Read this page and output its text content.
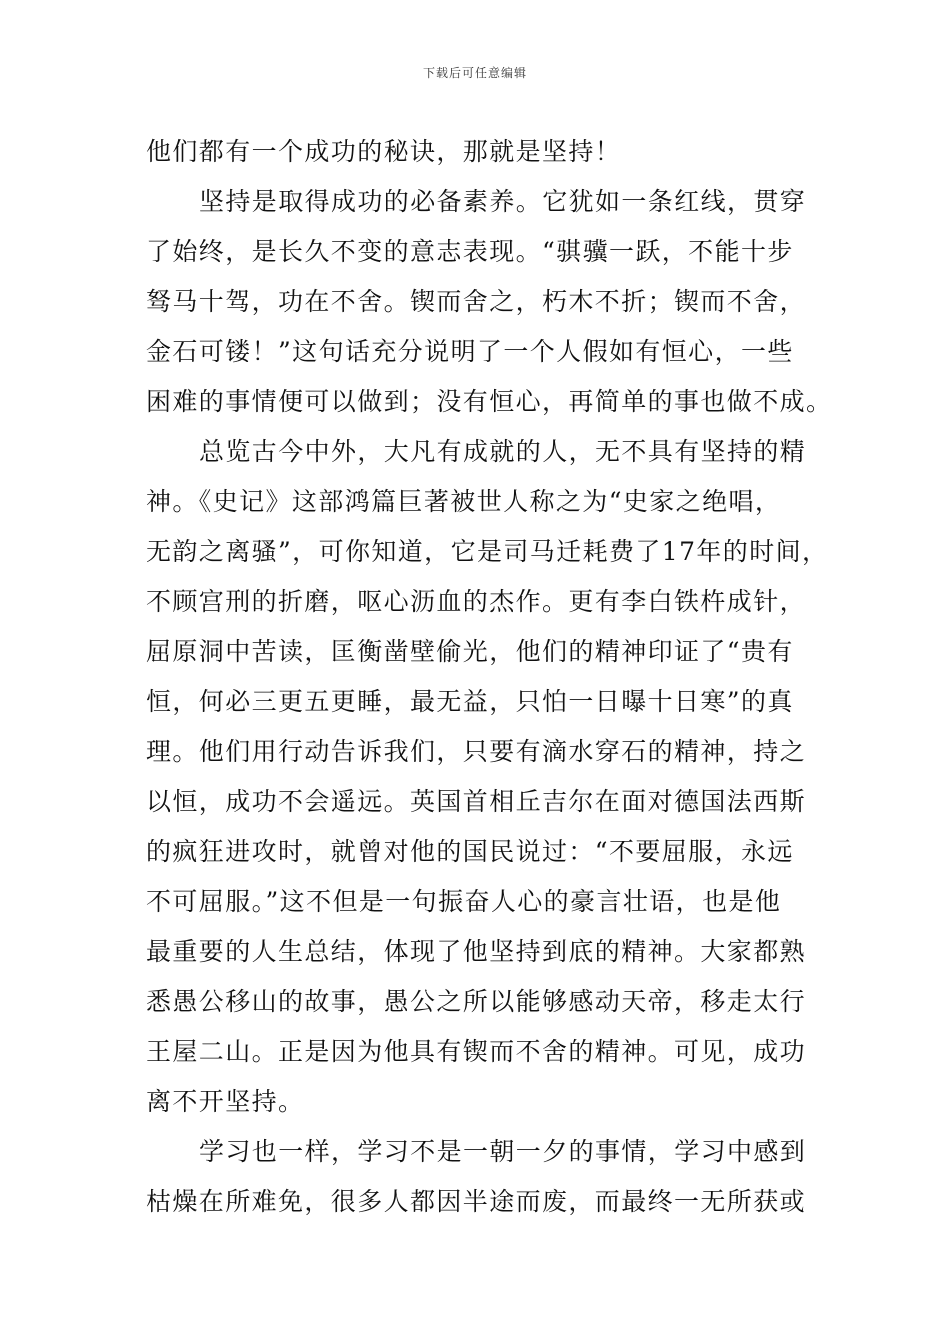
下载后可任意编辑
他们都有一个成功的秘诀，那就是坚持！
坚持是取得成功的必备素养。它犹如一条红线，贯穿
了始终，是长久不变的意志表现。“骐骥一跃，不能十步
驽马十驾，功在不舍。锲而舍之，朽木不折；锲而不舍，
金石可镂！”这句话充分说明了一个人假如有恒心，一些
困难的事情便可以做到；没有恒心，再简单的事也做不成。
总览古今中外，大凡有成就的人，无不具有坚持的精
神。《史记》这部鸿篇巨著被世人称之为“史家之绝唱，
无韵之离骚”，可你知道，它是司马迁耗费了17年的时间，
不顾宫刑的折磨，呕心沥血的杰作。更有李白铁杵成针，
屈原洞中苦读，匡衡凿壁偷光，他们的精神印证了“贵有
恒，何必三更五更睡，最无益，只怕一日曝十日寒”的真
理。他们用行动告诉我们，只要有滴水穿石的精神，持之
以恒，成功不会遥远。英国首相丘吉尔在面对德国法西斯
的疯狂进攻时，就曾对他的国民说过：“不要屈服，永远
不可屈服。”这不但是一句振奋人心的豪言壮语，也是他
最重要的人生总结，体现了他坚持到底的精神。大家都熟
悉愚公移山的故事，愚公之所以能够感动天帝，移走太行
王屋二山。正是因为他具有锲而不舍的精神。可见，成功
离不开坚持。
学习也一样，学习不是一朝一夕的事情，学习中感到
枯燥在所难免，很多人都因半途而废，而最终一无所获或
